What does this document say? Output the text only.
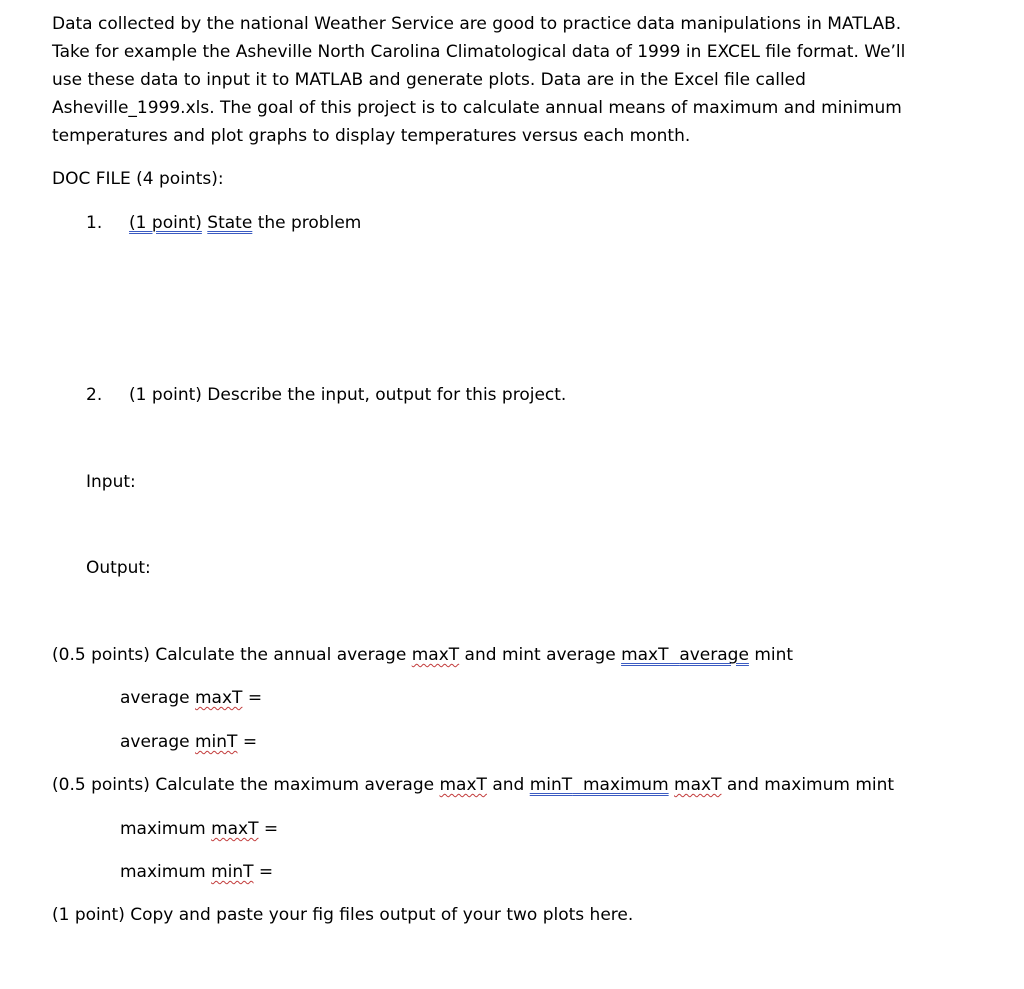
Data collected by the national Weather Service are good to practice data manipulations in MATLAB.

Take for example the Asheville North Carolina Climatological data of 1999 in EXCEL file format. We’ll

use these data to input it to MATLAB and generate plots. Data are in the Excel file called

Asheville_1999.xls. The goal of this project is to calculate annual means of maximum and minimum

temperatures and plot graphs to display temperatures versus each month.

DOC FILE (4 points):
1. (1 point) State the problem
2. (1 point) Describe the input, output for this project.
Input:
Output:
(0.5 points) Calculate the annual average maxT and mint average maxT average mint
average maxT =
average minT =
(0.5 points) Calculate the maximum average maxT and minT maximum maxT and maximum mint
maximum maxT =
maximum minT =
(1 point) Copy and paste your fig files output of your two plots here.
